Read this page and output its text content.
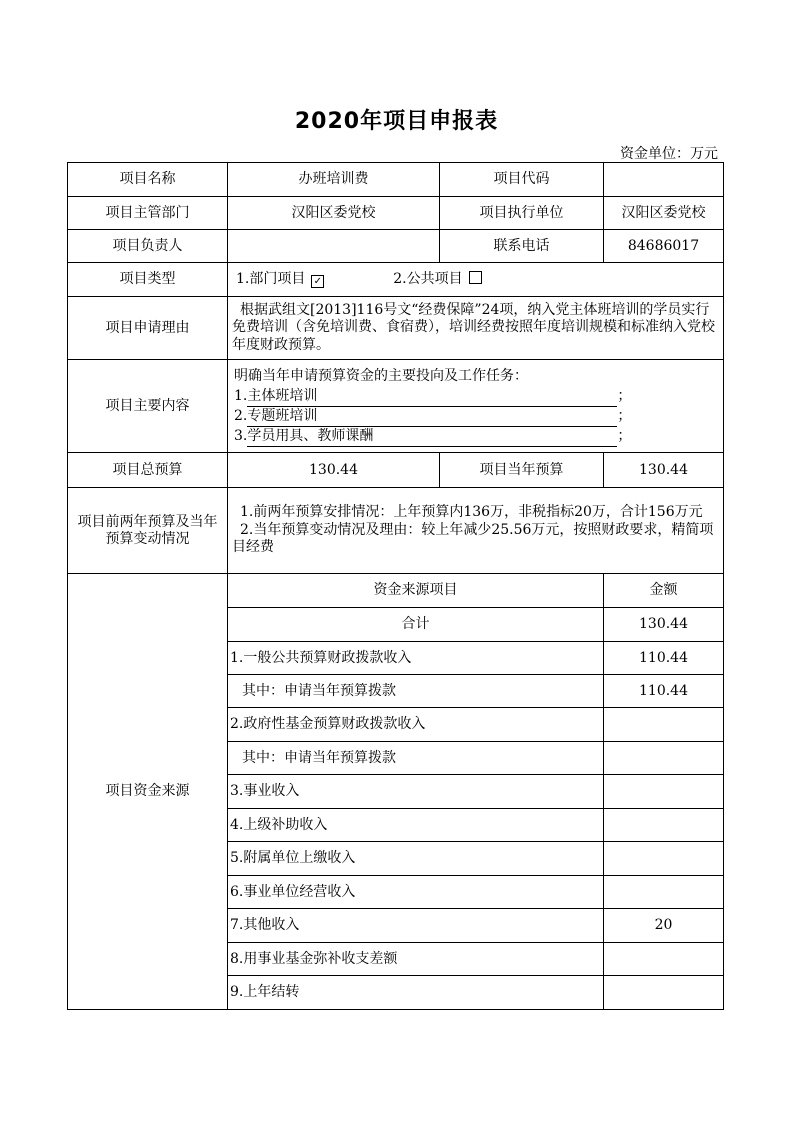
2020年项目申报表
资金单位：万元
项目名称	办班培训费	项目代码	
项目主管部门	汉阳区委党校	项目执行单位	汉阳区委党校
项目负责人		联系电话	84686017
项目类型	1.部门项目 ✓ 2.公共项目		
项目申请理由	根据武组文[2013]116号文“经费保障”24项，纳入党主体班培训的学员实行免费培训（含免培训费、食宿费），培训经费按照年度培训规模和标准纳入党校年度财政预算。		
项目主要内容	明确当年申请预算资金的主要投向及工作任务：
1.主体班培训 ；
2.专题班培训 ；
3.学员用具、教师课酬 ；		

项目总预算	130.44	项目当年预算	130.44
项目前两年预算及当年预算变动情况	1.前两年预算安排情况：上年预算内136万，非税指标20万，合计156万元
2.当年预算变动情况及理由：较上年减少25.56万元，按照财政要求，精简项目经费		

项目资金来源	资金来源项目		金额
	合计		130.44
	1.一般公共预算财政拨款收入		110.44
	其中：申请当年预算拨款		110.44
	2.政府性基金预算财政拨款收入		
	其中：申请当年预算拨款		
	3.事业收入		
	4.上级补助收入		
	5.附属单位上缴收入		
	6.事业单位经营收入		
	7.其他收入		20
	8.用事业基金弥补收支差额		
	9.上年结转		
